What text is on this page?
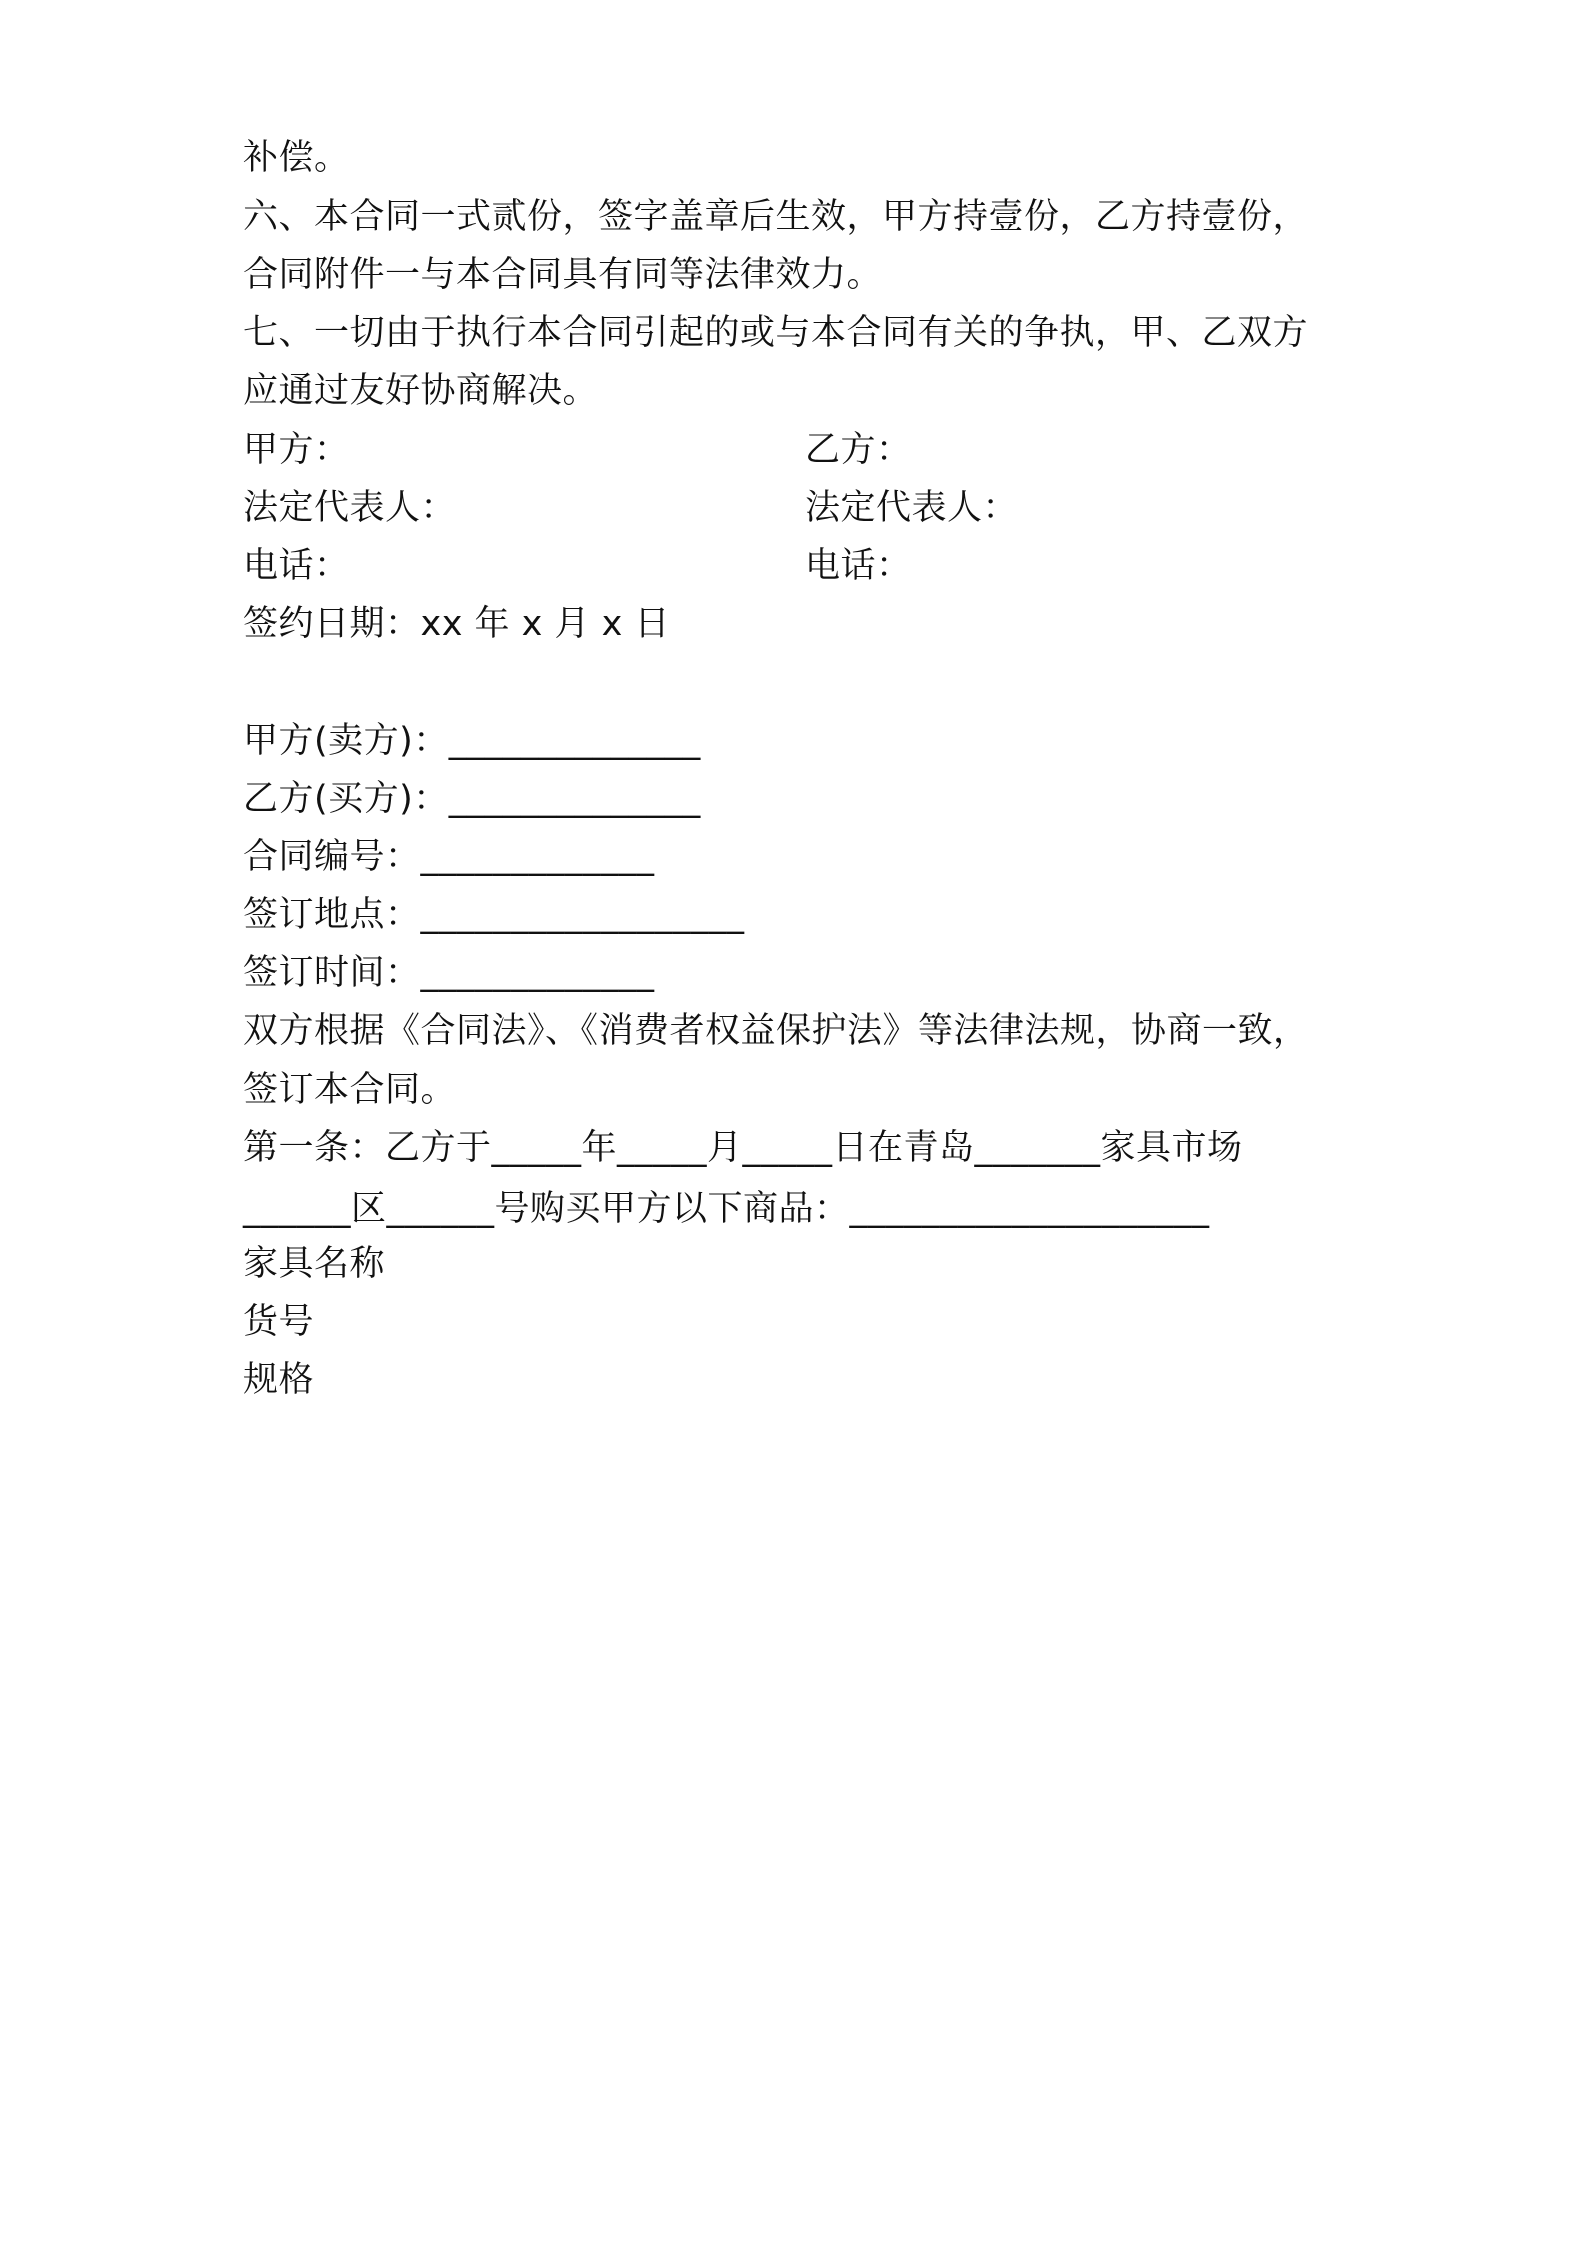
补偿。
六、本合同一式贰份，签字盖章后生效，甲方持壹份，乙方持壹份，
合同附件一与本合同具有同等法律效力。
七、一切由于执行本合同引起的或与本合同有关的争执，甲、乙双方
应通过友好协商解决。
甲方：	乙方：
法定代表人：	法定代表人：
电话：	电话：
签约日期：xx 年 x 月 x 日
甲方(卖方)：______________
乙方(买方)：______________
合同编号：_____________
签订地点：__________________
签订时间：_____________
双方根据《合同法》、《消费者权益保护法》等法律法规，协商一致，
签订本合同。
第一条：乙方于_____年_____月_____日在青岛_______家具市场
______区______号购买甲方以下商品：____________________
家具名称
货号
规格
